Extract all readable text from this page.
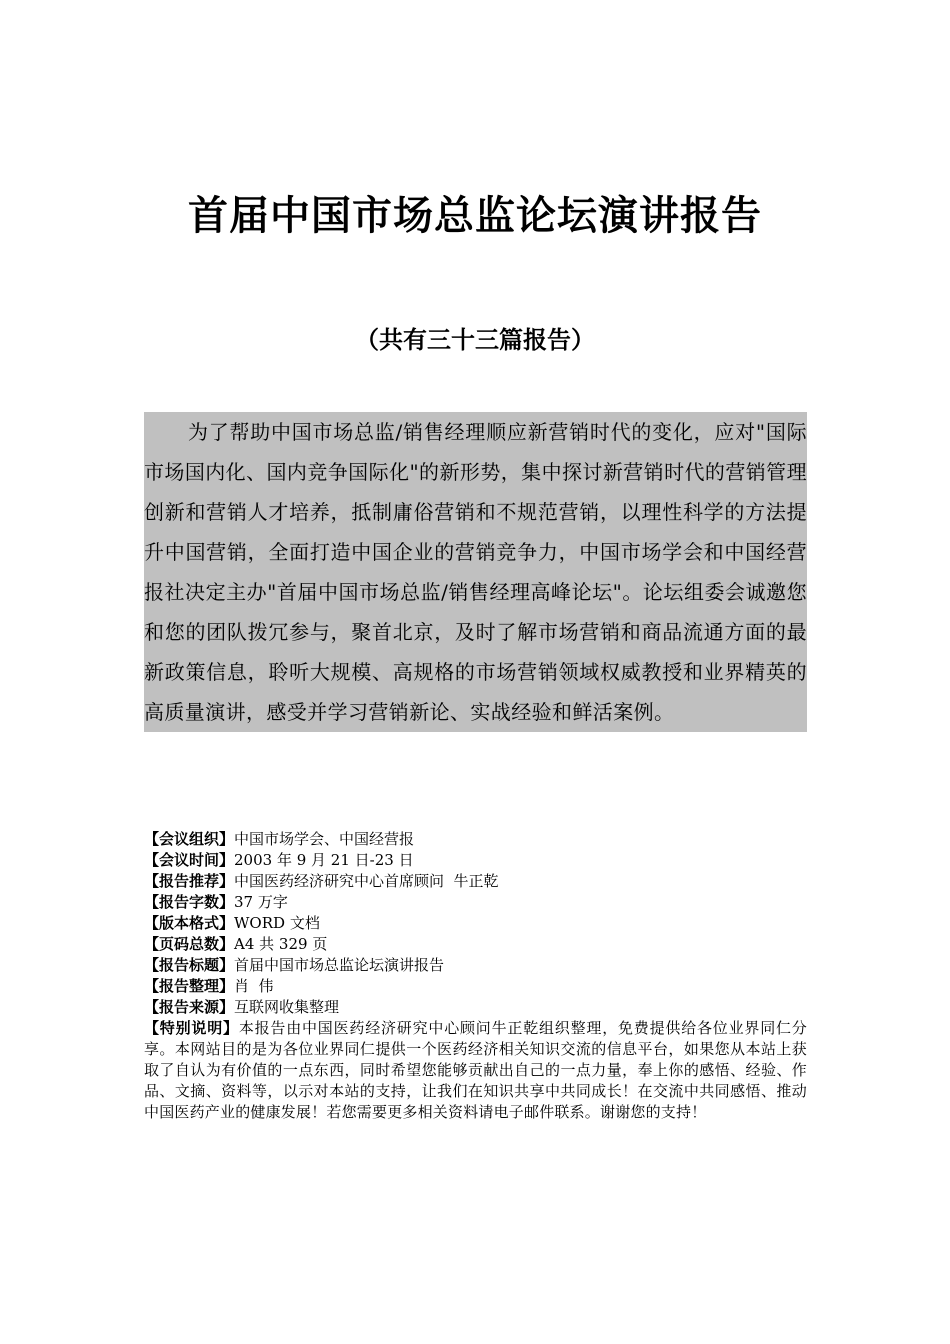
首届中国市场总监论坛演讲报告
（共有三十三篇报告）

为了帮助中国市场总监/销售经理顺应新营销时代的变化，应对"国际市场国内化、国内竞争国际化"的新形势，集中探讨新营销时代的营销管理创新和营销人才培养，抵制庸俗营销和不规范营销，以理性科学的方法提升中国营销，全面打造中国企业的营销竞争力，中国市场学会和中国经营报社决定主办"首届中国市场总监/销售经理高峰论坛"。论坛组委会诚邀您和您的团队拨冗参与，聚首北京，及时了解市场营销和商品流通方面的最新政策信息，聆听大规模、高规格的市场营销领域权威教授和业界精英的高质量演讲，感受并学习营销新论、实战经验和鲜活案例。

【会议组织】中国市场学会、中国经营报
【会议时间】2003 年 9 月 21 日-23 日
【报告推荐】中国医药经济研究中心首席顾问  牛正乾
【报告字数】37 万字
【版本格式】WORD 文档
【页码总数】A4 共 329 页
【报告标题】首届中国市场总监论坛演讲报告
【报告整理】肖  伟
【报告来源】互联网收集整理
【特别说明】本报告由中国医药经济研究中心顾问牛正乾组织整理，免费提供给各位业界同仁分享。本网站目的是为各位业界同仁提供一个医药经济相关知识交流的信息平台，如果您从本站上获取了自认为有价值的一点东西，同时希望您能够贡献出自己的一点力量，奉上你的感悟、经验、作品、文摘、资料等，以示对本站的支持，让我们在知识共享中共同成长！在交流中共同感悟、推动中国医药产业的健康发展！若您需要更多相关资料请电子邮件联系。谢谢您的支持！
